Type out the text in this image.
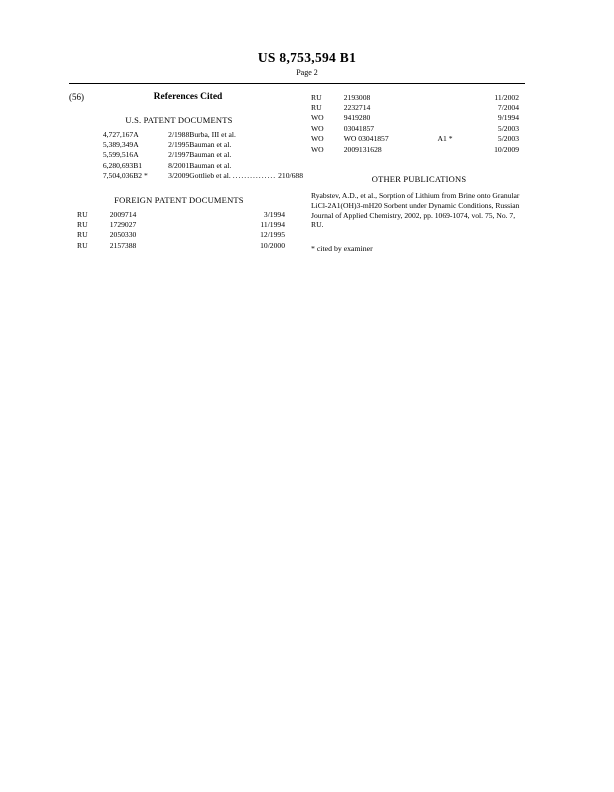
US 8,753,594 B1
Page 2
(56)	References Cited
U.S. PATENT DOCUMENTS
4,727,167	A	2/1988	Burba, III et al.
5,389,349	A	2/1995	Bauman et al.
5,599,516	A	2/1997	Bauman et al.
6,280,693	B1	8/2001	Bauman et al.
7,504,036	B2 *	3/2009	Gottlieb et al. ............... 210/688
FOREIGN PATENT DOCUMENTS
RU	2009714		3/1994
RU	1729027		11/1994
RU	2050330		12/1995
RU	2157388		10/2000
RU	2193008		11/2002
RU	2232714		7/2004
WO	9419280		9/1994
WO	03041857		5/2003
WO	WO 03041857	A1 *	5/2003
WO	2009131628		10/2009
OTHER PUBLICATIONS
Ryabstev, A.D., et al., Sorption of Lithium from Brine onto Granular LiCl-2A1(OH)3-mH20 Sorbent under Dynamic Conditions, Russian Journal of Applied Chemistry, 2002, pp. 1069-1074, vol. 75, No. 7, RU.
* cited by examiner
